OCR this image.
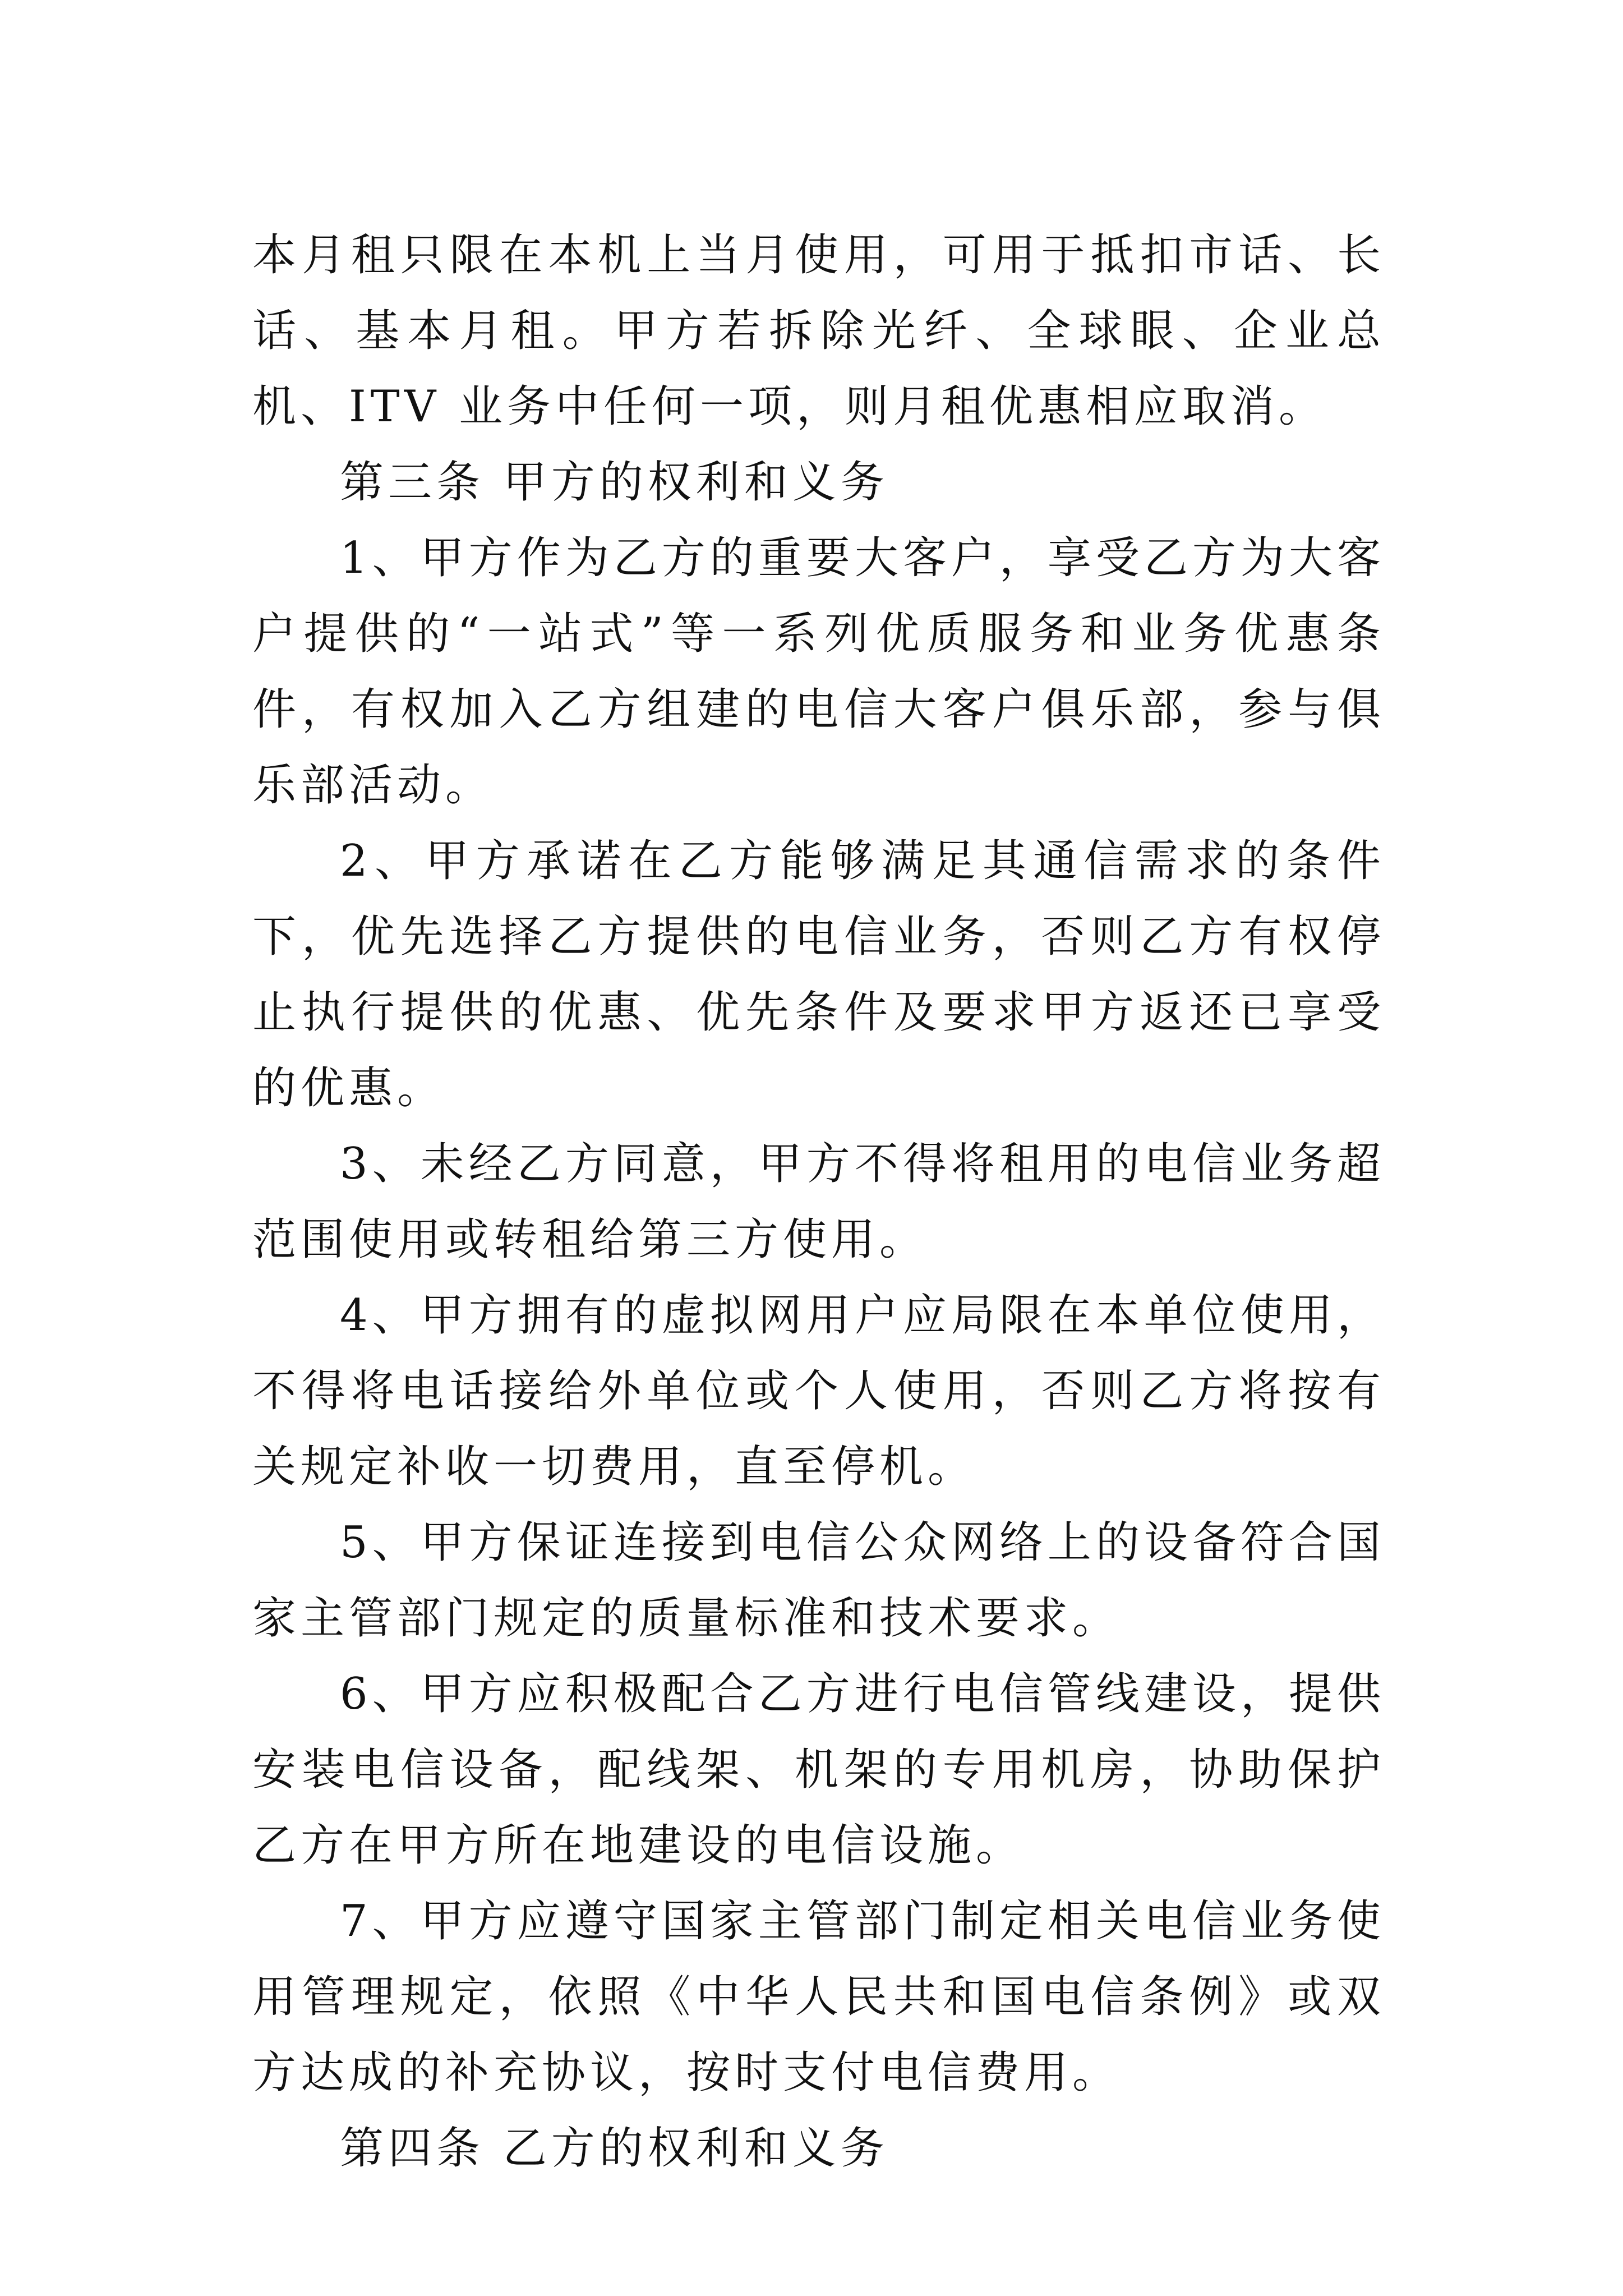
本月租只限在本机上当月使用，可用于抵扣市话、长话、基本月租。甲方若拆除光纤、全球眼、企业总机、ITV 业务中任何一项，则月租优惠相应取消。

第三条 甲方的权利和义务

1、甲方作为乙方的重要大客户，享受乙方为大客户提供的“一站式”等一系列优质服务和业务优惠条件，有权加入乙方组建的电信大客户俱乐部，参与俱乐部活动。

2、甲方承诺在乙方能够满足其通信需求的条件下，优先选择乙方提供的电信业务，否则乙方有权停止执行提供的优惠、优先条件及要求甲方返还已享受的优惠。

3、未经乙方同意，甲方不得将租用的电信业务超范围使用或转租给第三方使用。

4、甲方拥有的虚拟网用户应局限在本单位使用，不得将电话接给外单位或个人使用，否则乙方将按有关规定补收一切费用，直至停机。

5、甲方保证连接到电信公众网络上的设备符合国家主管部门规定的质量标准和技术要求。

6、甲方应积极配合乙方进行电信管线建设，提供安装电信设备，配线架、机架的专用机房，协助保护乙方在甲方所在地建设的电信设施。

7、甲方应遵守国家主管部门制定相关电信业务使用管理规定，依照《中华人民共和国电信条例》或双方达成的补充协议，按时支付电信费用。

第四条 乙方的权利和义务
